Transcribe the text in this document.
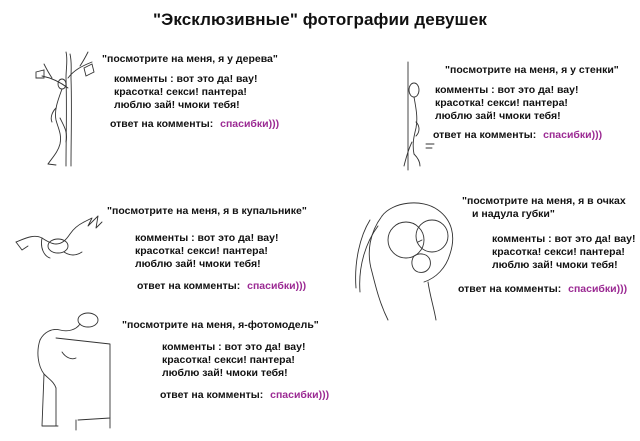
"Эксклюзивные" фотографии девушек
"посмотрите на меня, я у дерева"
комменты : вот это да! вау!
красотка! секси! пантера!
люблю зай! чмоки тебя!
ответ на комменты: спасибки)))
"посмотрите на меня, я у стенки"
комменты : вот это да! вау!
красотка! секси! пантера!
люблю зай! чмоки тебя!
ответ на комменты: спасибки)))
"посмотрите на меня, я в купальнике"
комменты : вот это да! вау!
красотка! секси! пантера!
люблю зай! чмоки тебя!
ответ на комменты: спасибки)))
"посмотрите на меня, я в очках
и надула губки"
комменты : вот это да! вау!
красотка! секси! пантера!
люблю зай! чмоки тебя!
ответ на комменты: спасибки)))
"посмотрите на меня, я-фотомодель"
комменты : вот это да! вау!
красотка! секси! пантера!
люблю зай! чмоки тебя!
ответ на комменты: спасибки)))
